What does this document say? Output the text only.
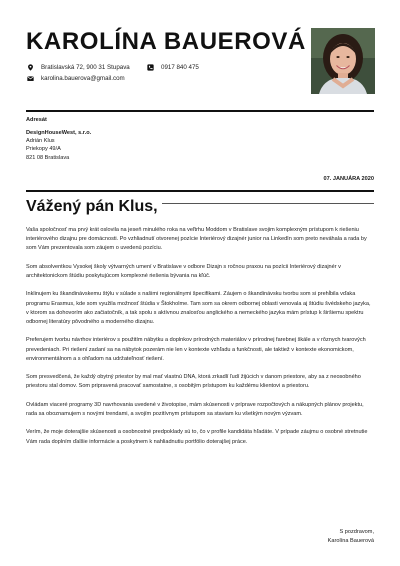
KAROLÍNA BAUEROVÁ
Bratislavská 72, 900 31 Stupava	0917 840 475
karolina.bauerova@gmail.com
Adresát
DesignHouseWest, s.r.o.
Adrián Klus
Priekopy 49/A
821 08 Bratislava
07. JANUÁRA 2020
Vážený pán Klus,

Vaša spoločnosť ma prvý krát oslovila na jeseň minulého roka na veľtrhu Moddom v Bratislave svojim komplexným prístupom k riešeniu interiérového dizajnu pre domácnosti. Po vzhliadnutí otvorenej pozície Interiérový dizajnér junior na LinkedIn som preto neváhala a rada by som Vám prezentovala som záujem o uvedenú pozíciu.

Som absolventkou Vysokej školy výtvarných umení v Bratislave v odbore Dizajn s ročnou praxou na pozícii Interiérový dizajnér v architektonickom štúdiu poskytujúcom komplexné riešenia bývania na kľúč.

Inklinujem ku škandinávskemu štýlu v súlade s našimi regionálnymi špecifikami. Záujem o škandinávsku tvorbu som si prehĺbila vďaka programu Erasmus, kde som využila možnosť štúdia v Štokholme. Tam som sa okrem odbornej oblasti venovala aj štúdiu švédskeho jazyka, v ktorom sa dohovorím ako začiatočník, a tak spolu s aktívnou znalosťou anglického a nemeckého jazyka mám prístup k širšiemu spektru odbornej literatúry pôvodného a moderného dizajnu.

Preferujem tvorbu návrhov interiérov s použitím nábytku a doplnkov prírodných materiálov v prírodnej farebnej škále a v rôznych tvarových prevedeniach. Pri riešení zadaní sa na nábytok pozerám nie len v kontexte vzhľadu a funkčnosti, ale taktiež v kontexte ekonomickom, environmentálnom a s ohľadom na udržateľnosť riešení.

Som presvedčená, že každý obytný priestor by mal mať vlastnú DNA, ktorá zrkadlí ľudí žijúcich v danom priestore, aby sa z neosobného priestoru stal domov. Som pripravená pracovať samostatne, s osobitým prístupom ku každému klientovi a priestoru.

Ovládam viaceré programy 3D navrhovania uvedené v životopise, mám skúsenosti v príprave rozpočtových a nákupných plánov projektu, rada sa oboznamujem s novými trendami, a svojím pozitívnym prístupom sa staviam ku všetkým novým výzvam.

Verím, že moje doterajšie skúsenosti a osobnostné predpoklady sú to, čo v profile kandidáta hľadáte. V prípade záujmu o osobné stretnutie Vám rada doplním ďalšie informácie a poskytnem k nahliadnutiu portfólio doterajšej práce.

S pozdravom,
Karolína Bauerová
